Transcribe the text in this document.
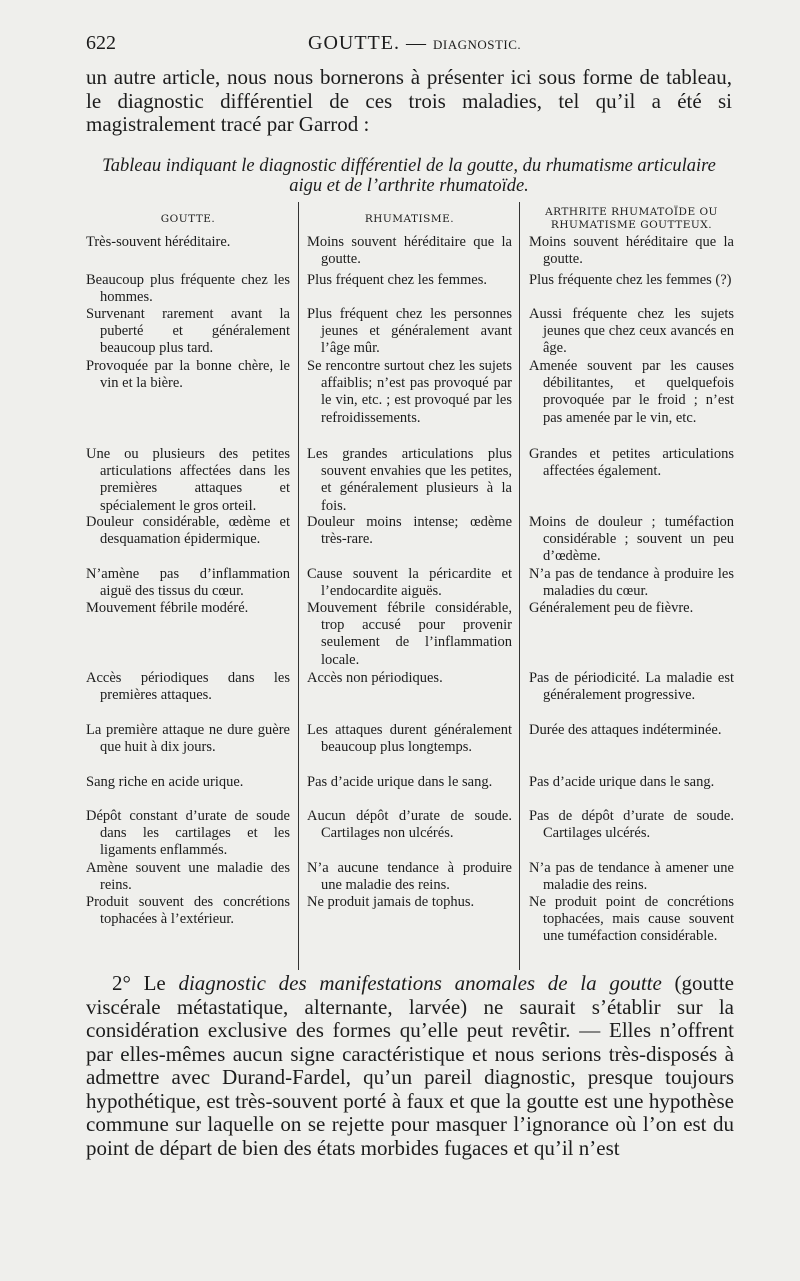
622	GOUTTE. — DIAGNOSTIC.
un autre article, nous nous bornerons à présenter ici sous forme de tableau, le diagnostic différentiel de ces trois maladies, tel qu’il a été si magistralement tracé par Garrod :
Tableau indiquant le diagnostic différentiel de la goutte, du rhumatisme articulaire aigu et de l’arthrite rhumatoïde.
GOUTTE.
Très-souvent héréditaire.
Beaucoup plus fréquente chez les hommes.
Survenant rarement avant la puberté et généralement beaucoup plus tard.
Provoquée par la bonne chère, le vin et la bière.
Une ou plusieurs des petites articulations affectées dans les premières attaques et spécialement le gros orteil.
Douleur considérable, œdème et desquamation épidermique.
N’amène pas d’inflammation aiguë des tissus du cœur.
Mouvement fébrile modéré.
Accès périodiques dans les premières attaques.
La première attaque ne dure guère que huit à dix jours.
Sang riche en acide urique.
Dépôt constant d’urate de soude dans les cartilages et les ligaments enflammés.
Amène souvent une maladie des reins.
Produit souvent des concrétions tophacées à l’extérieur.
RHUMATISME.
Moins souvent héréditaire que la goutte.
Plus fréquent chez les femmes.
Plus fréquent chez les personnes jeunes et généralement avant l’âge mûr.
Se rencontre surtout chez les sujets affaiblis; n’est pas provoqué par le vin, etc. ; est provoqué par les refroidissements.
Les grandes articulations plus souvent envahies que les petites, et généralement plusieurs à la fois.
Douleur moins intense; œdème très-rare.
Cause souvent la péricardite et l’endocardite aiguës.
Mouvement fébrile considérable, trop accusé pour provenir seulement de l’inflammation locale.
Accès non périodiques.
Les attaques durent généralement beaucoup plus longtemps.
Pas d’acide urique dans le sang.
Aucun dépôt d’urate de soude. Cartilages non ulcérés.
N’a aucune tendance à produire une maladie des reins.
Ne produit jamais de tophus.
ARTHRITE RHUMATOÏDE OU RHUMATISME GOUTTEUX.
Moins souvent héréditaire que la goutte.
Plus fréquente chez les femmes (?)
Aussi fréquente chez les sujets jeunes que chez ceux avancés en âge.
Amenée souvent par les causes débilitantes, et quelquefois provoquée par le froid ; n’est pas amenée par le vin, etc.
Grandes et petites articulations affectées également.
Moins de douleur ; tuméfaction considérable ; souvent un peu d’œdème.
N’a pas de tendance à produire les maladies du cœur.
Généralement peu de fièvre.
Pas de périodicité. La maladie est généralement progressive.
Durée des attaques indéterminée.
Pas d’acide urique dans le sang.
Pas de dépôt d’urate de soude. Cartilages ulcérés.
N’a pas de tendance à amener une maladie des reins.
Ne produit point de concrétions tophacées, mais cause souvent une tuméfaction considérable.

2° Le diagnostic des manifestations anomales de la goutte (goutte viscérale métastatique, alternante, larvée) ne saurait s’établir sur la considération exclusive des formes qu’elle peut revêtir. — Elles n’offrent par elles-mêmes aucun signe caractéristique et nous serions très-disposés à admettre avec Durand-Fardel, qu’un pareil diagnostic, presque toujours hypothétique, est très-souvent porté à faux et que la goutte est une hypothèse commune sur laquelle on se rejette pour masquer l’ignorance où l’on est du point de départ de bien des états morbides fugaces et qu’il n’est
